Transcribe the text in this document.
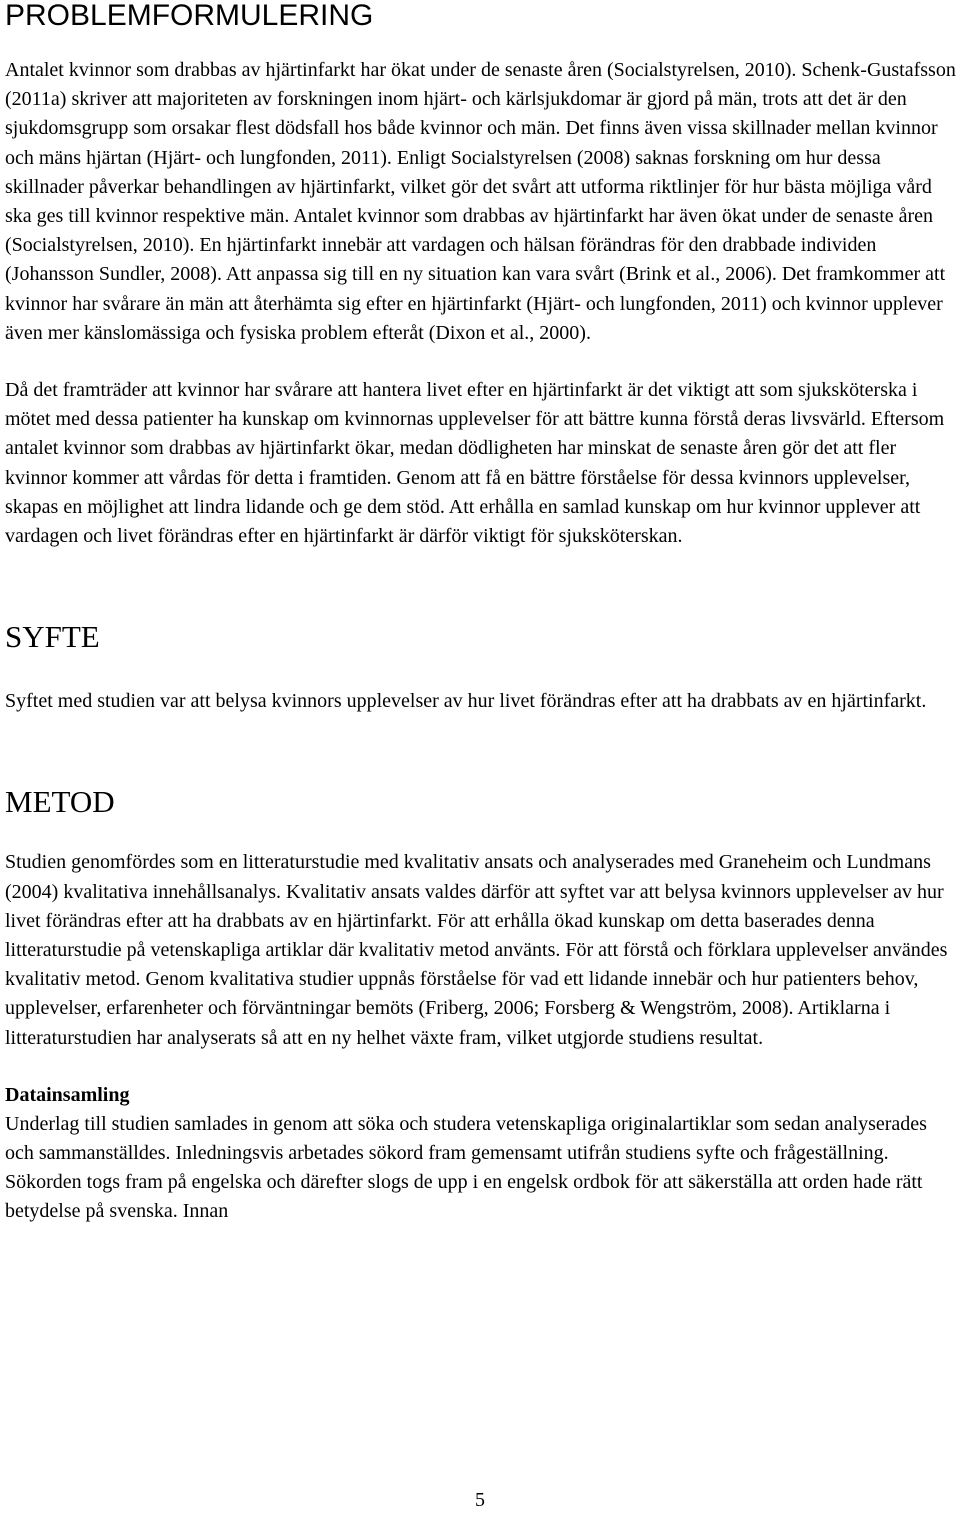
PROBLEMFORMULERING

Antalet kvinnor som drabbas av hjärtinfarkt har ökat under de senaste åren (Socialstyrelsen, 2010). Schenk-Gustafsson (2011a) skriver att majoriteten av forskningen inom hjärt- och kärlsjukdomar är gjord på män, trots att det är den sjukdomsgrupp som orsakar flest dödsfall hos både kvinnor och män. Det finns även vissa skillnader mellan kvinnor och mäns hjärtan (Hjärt- och lungfonden, 2011). Enligt Socialstyrelsen (2008) saknas forskning om hur dessa skillnader påverkar behandlingen av hjärtinfarkt, vilket gör det svårt att utforma riktlinjer för hur bästa möjliga vård ska ges till kvinnor respektive män. Antalet kvinnor som drabbas av hjärtinfarkt har även ökat under de senaste åren (Socialstyrelsen, 2010). En hjärtinfarkt innebär att vardagen och hälsan förändras för den drabbade individen (Johansson Sundler, 2008). Att anpassa sig till en ny situation kan vara svårt (Brink et al., 2006). Det framkommer att kvinnor har svårare än män att återhämta sig efter en hjärtinfarkt (Hjärt- och lungfonden, 2011) och kvinnor upplever även mer känslomässiga och fysiska problem efteråt (Dixon et al., 2000).

Då det framträder att kvinnor har svårare att hantera livet efter en hjärtinfarkt är det viktigt att som sjuksköterska i mötet med dessa patienter ha kunskap om kvinnornas upplevelser för att bättre kunna förstå deras livsvärld. Eftersom antalet kvinnor som drabbas av hjärtinfarkt ökar, medan dödligheten har minskat de senaste åren gör det att fler kvinnor kommer att vårdas för detta i framtiden. Genom att få en bättre förståelse för dessa kvinnors upplevelser, skapas en möjlighet att lindra lidande och ge dem stöd. Att erhålla en samlad kunskap om hur kvinnor upplever att vardagen och livet förändras efter en hjärtinfarkt är därför viktigt för sjuksköterskan.

SYFTE

Syftet med studien var att belysa kvinnors upplevelser av hur livet förändras efter att ha drabbats av en hjärtinfarkt.

METOD

Studien genomfördes som en litteraturstudie med kvalitativ ansats och analyserades med Graneheim och Lundmans (2004) kvalitativa innehållsanalys. Kvalitativ ansats valdes därför att syftet var att belysa kvinnors upplevelser av hur livet förändras efter att ha drabbats av en hjärtinfarkt. För att erhålla ökad kunskap om detta baserades denna litteraturstudie på vetenskapliga artiklar där kvalitativ metod använts. För att förstå och förklara upplevelser användes kvalitativ metod. Genom kvalitativa studier uppnås förståelse för vad ett lidande innebär och hur patienters behov, upplevelser, erfarenheter och förväntningar bemöts (Friberg, 2006; Forsberg & Wengström, 2008). Artiklarna i litteraturstudien har analyserats så att en ny helhet växte fram, vilket utgjorde studiens resultat.

Datainsamling

Underlag till studien samlades in genom att söka och studera vetenskapliga originalartiklar som sedan analyserades och sammanställdes. Inledningsvis arbetades sökord fram gemensamt utifrån studiens syfte och frågeställning. Sökorden togs fram på engelska och därefter slogs de upp i en engelsk ordbok för att säkerställa att orden hade rätt betydelse på svenska. Innan

5
